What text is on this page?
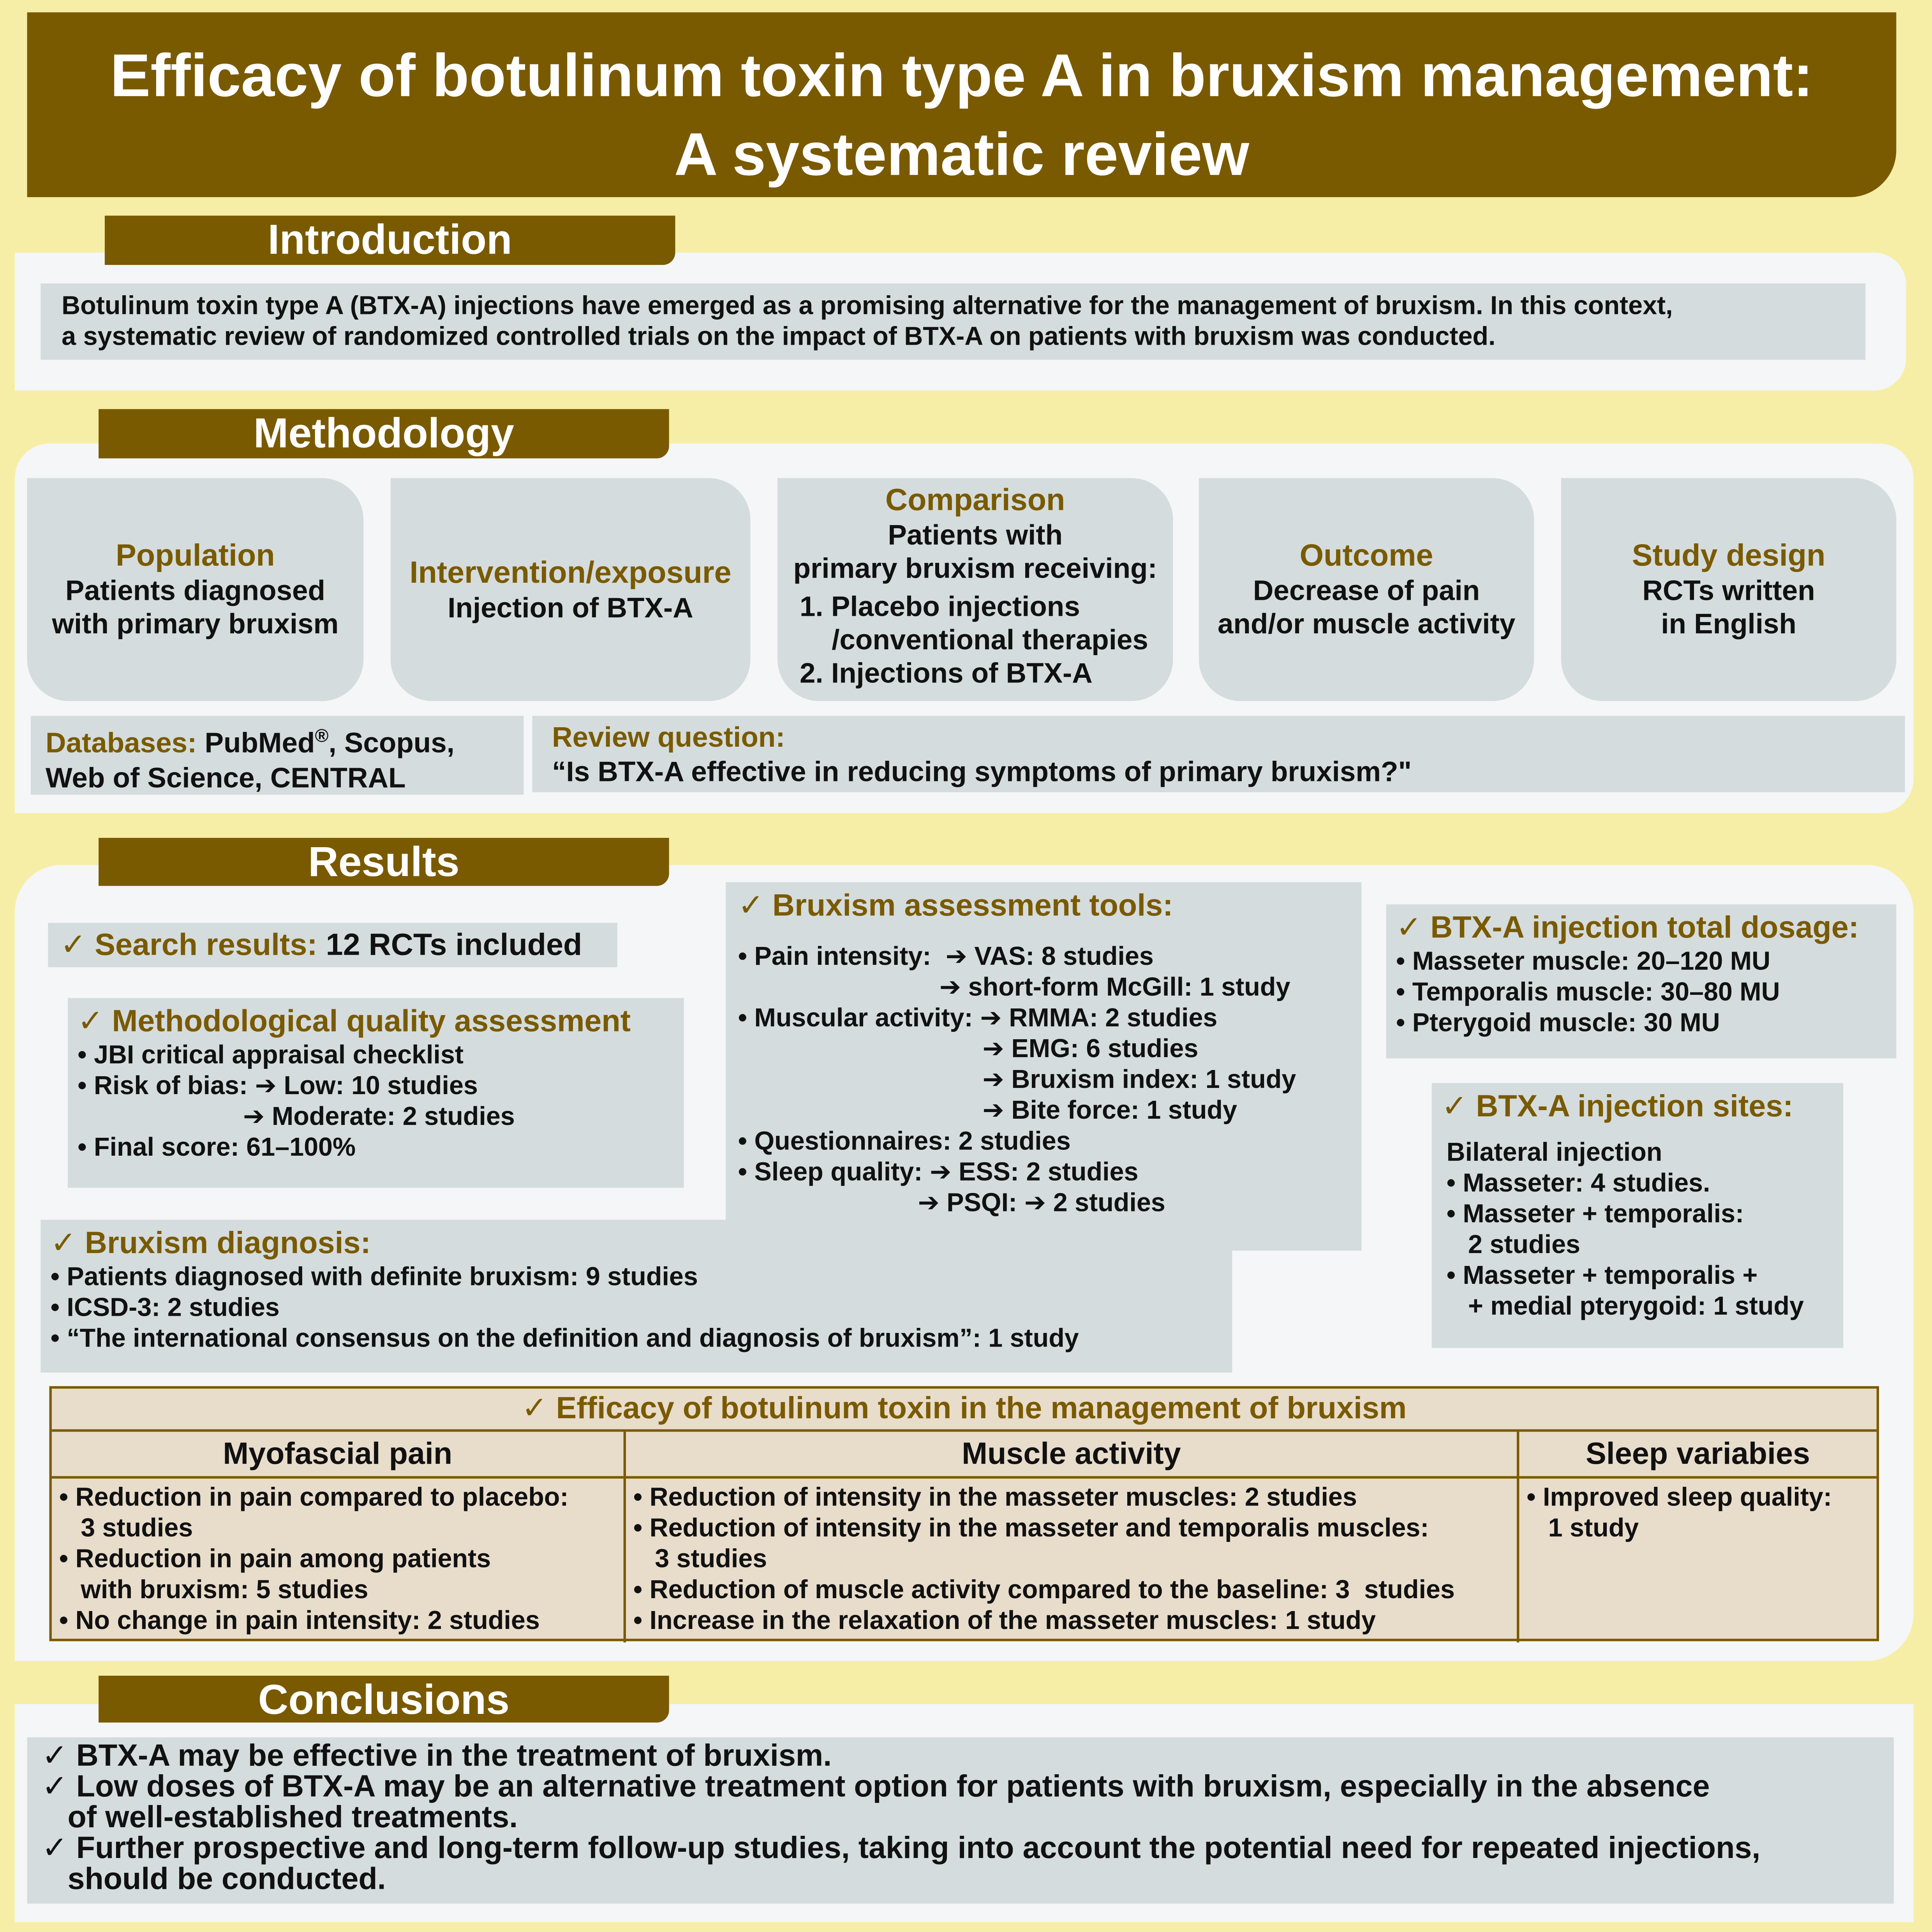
Efficacy of botulinum toxin type A in bruxism management:
A systematic review
Introduction
Botulinum toxin type A (BTX-A) injections have emerged as a promising alternative for the management of bruxism. In this context,
a systematic review of randomized controlled trials on the impact of BTX-A on patients with bruxism was conducted.
Methodology
Population
Patients diagnosed
with primary bruxism
Intervention/exposure
Injection of BTX-A
Comparison
Patients with
primary bruxism receiving:
1. Placebo injections
/conventional therapies
2. Injections of BTX-A
Outcome
Decrease of pain
and/or muscle activity
Study design
RCTs written
in English
Databases: PubMed®, Scopus,
Web of Science, CENTRAL
Review question:
“Is BTX-A effective in reducing symptoms of primary bruxism?"
Results
✓ Search results: 12 RCTs included
✓ Methodological quality assessment
• JBI critical appraisal checklist
• Risk of bias: ➔ Low: 10 studies
➔ Moderate: 2 studies
• Final score: 61–100%
✓ Bruxism assessment tools:
• Pain intensity:  ➔ VAS: 8 studies
➔ short-form McGill: 1 study
• Muscular activity: ➔ RMMA: 2 studies
➔ EMG: 6 studies
➔ Bruxism index: 1 study
➔ Bite force: 1 study
• Questionnaires: 2 studies
• Sleep quality: ➔ ESS: 2 studies
➔ PSQI: ➔ 2 studies
✓ Bruxism diagnosis:
• Patients diagnosed with definite bruxism: 9 studies
• ICSD-3: 2 studies
• “The international consensus on the definition and diagnosis of bruxism”: 1 study
✓ BTX-A injection total dosage:
• Masseter muscle: 20–120 MU
• Temporalis muscle: 30–80 MU
• Pterygoid muscle: 30 MU
✓ BTX-A injection sites:
Bilateral injection
• Masseter: 4 studies.
• Masseter + temporalis:
2 studies
• Masseter + temporalis +
+ medial pterygoid: 1 study
✓ Efficacy of botulinum toxin in the management of bruxism
Myofascial pain
• Reduction in pain compared to placebo:
3 studies
• Reduction in pain among patients
with bruxism: 5 studies
• No change in pain intensity: 2 studies
Muscle activity
• Reduction of intensity in the masseter muscles: 2 studies
• Reduction of intensity in the masseter and temporalis muscles:
3 studies
• Reduction of muscle activity compared to the baseline: 3  studies
• Increase in the relaxation of the masseter muscles: 1 study
Sleep variabies
• Improved sleep quality:
1 study
Conclusions
✓ BTX-A may be effective in the treatment of bruxism.
✓ Low doses of BTX-A may be an alternative treatment option for patients with bruxism, especially in the absence
of well-established treatments.
✓ Further prospective and long-term follow-up studies, taking into account the potential need for repeated injections,
should be conducted.
